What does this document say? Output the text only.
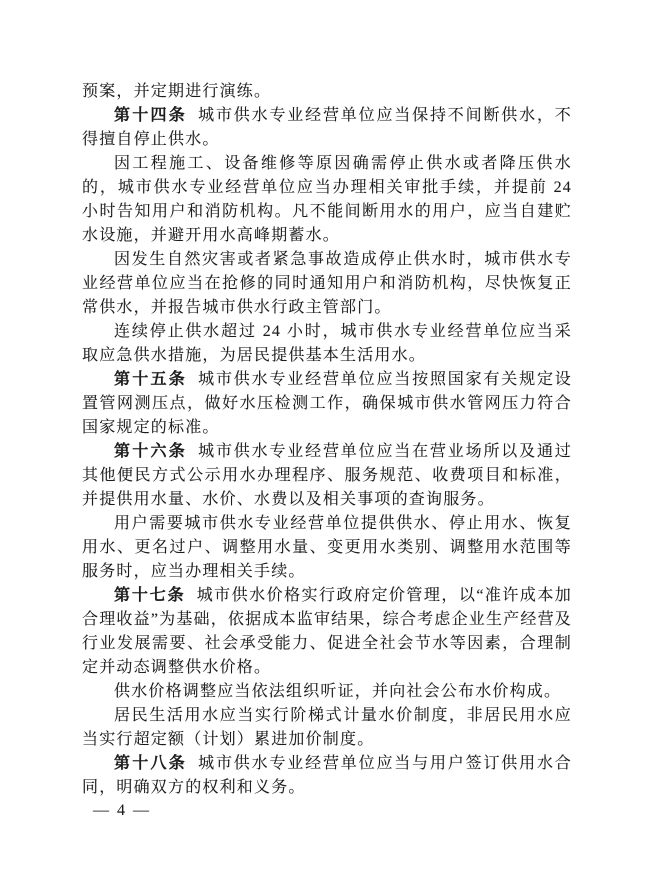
预案，并定期进行演练。

第十四条 城市供水专业经营单位应当保持不间断供水，不得擅自停止供水。

因工程施工、设备维修等原因确需停止供水或者降压供水的，城市供水专业经营单位应当办理相关审批手续，并提前 24 小时告知用户和消防机构。凡不能间断用水的用户，应当自建贮水设施，并避开用水高峰期蓄水。

因发生自然灾害或者紧急事故造成停止供水时，城市供水专业经营单位应当在抢修的同时通知用户和消防机构，尽快恢复正常供水，并报告城市供水行政主管部门。

连续停止供水超过 24 小时，城市供水专业经营单位应当采取应急供水措施，为居民提供基本生活用水。

第十五条 城市供水专业经营单位应当按照国家有关规定设置管网测压点，做好水压检测工作，确保城市供水管网压力符合国家规定的标准。

第十六条 城市供水专业经营单位应当在营业场所以及通过其他便民方式公示用水办理程序、服务规范、收费项目和标准，并提供用水量、水价、水费以及相关事项的查询服务。

用户需要城市供水专业经营单位提供供水、停止用水、恢复用水、更名过户、调整用水量、变更用水类别、调整用水范围等服务时，应当办理相关手续。

第十七条 城市供水价格实行政府定价管理，以“准许成本加合理收益”为基础，依据成本监审结果，综合考虑企业生产经营及行业发展需要、社会承受能力、促进全社会节水等因素，合理制定并动态调整供水价格。

供水价格调整应当依法组织听证，并向社会公布水价构成。

居民生活用水应当实行阶梯式计量水价制度，非居民用水应当实行超定额（计划）累进加价制度。

第十八条 城市供水专业经营单位应当与用户签订供用水合同，明确双方的权利和义务。

— 4 —
